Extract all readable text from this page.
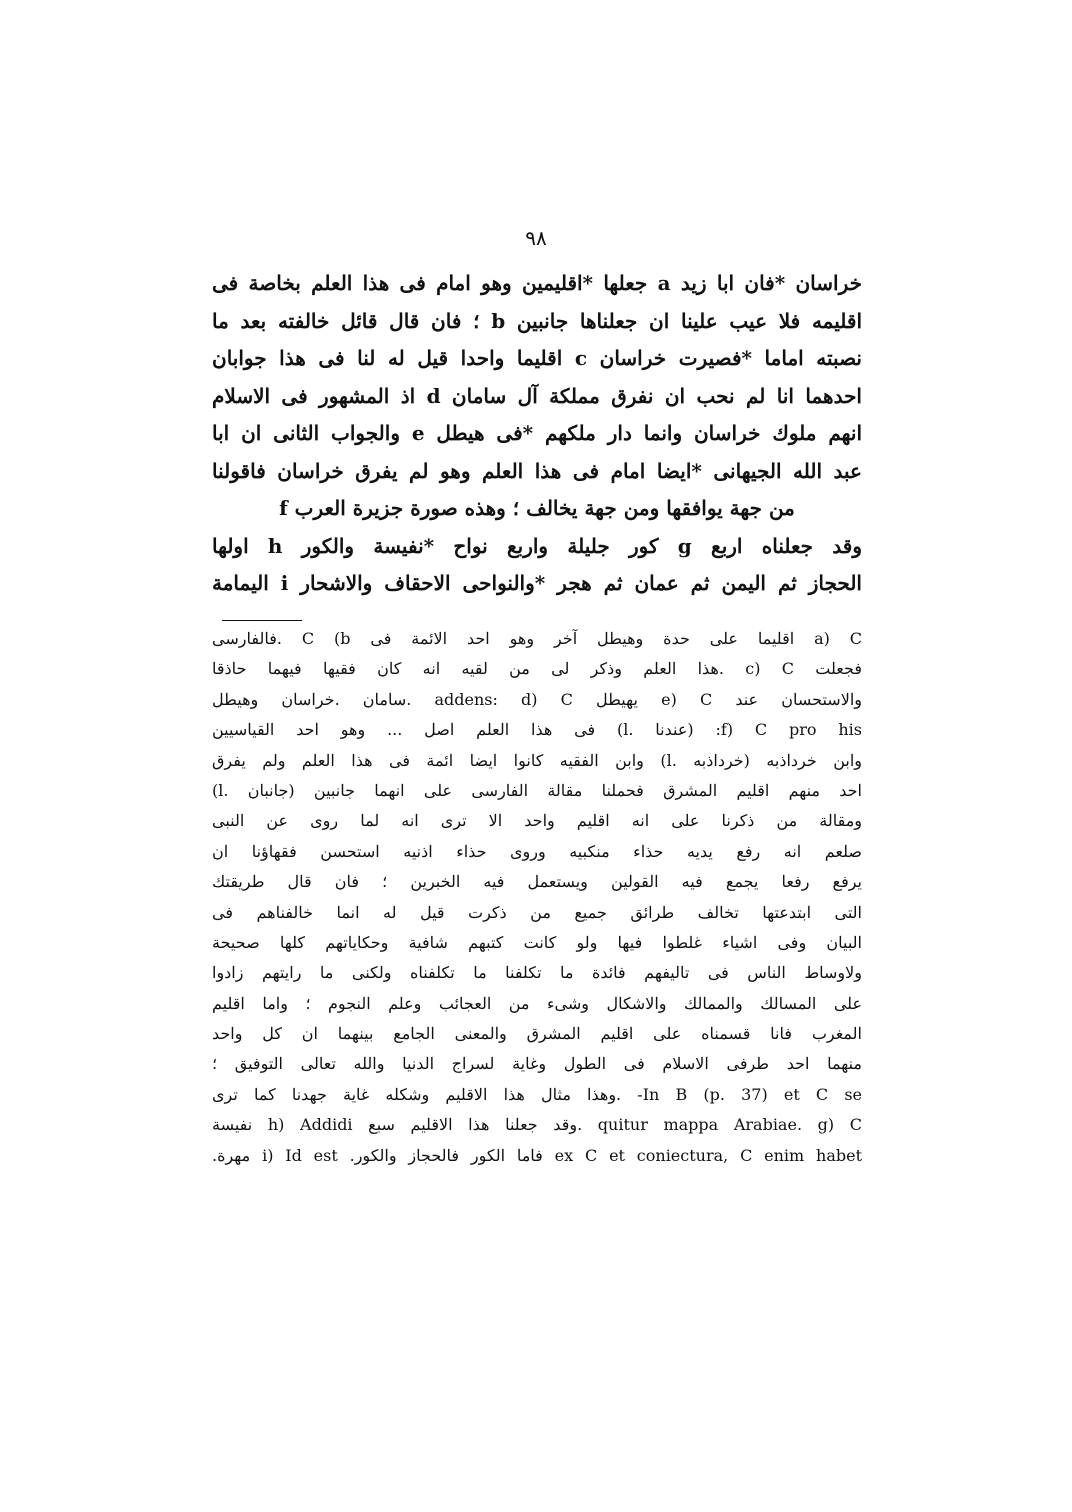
٩٨
خراسان *فان ابا زيد a جعلها *اقليمين وهو امام فى هذا العلم بخاصة فى
اقليمه فلا عيب علينا ان جعلناها جانبين b ؛ فان قال قائل خالفته بعد ما
نصبته اماما *فصيرت خراسان c اقليما واحدا قيل له لنا فى هذا جوابان
احدهما انا لم نحب ان نفرق مملكة آل سامان d اذ المشهور فى الاسلام
انهم ملوك خراسان وانما دار ملكهم *فى هيطل e والجواب الثانى ان ابا
عبد الله الجيهانى *ايضا امام فى هذا العلم وهو لم يفرق خراسان فاقولنا
من جهة يوافقها ومن جهة يخالف ؛ وهذه صورة جزيرة العرب f
وقد جعلناه اربع g كور جليلة واربع نواح *نفيسة والكور h اولها
الحجاز ثم اليمن ثم عمان ثم هجر *والنواحى الاحقاف والاشحار i اليمامة
a) C اقليما على حدة وهيطل آخر وهو احد الائمة فى C (b .فالفارسى
فجعلت c) C .هذا العلم وذكر لى من لقيه انه كان فقيها فيهما حاذقا
والاستحسان عند e) C يهيطل addens: d) C .سامان .خراسان وهيطل
f) C pro his: (عندنا .l) فى هذا العلم اصل ... وهو احد القياسيين
وابن خرداذبه (خرداذبه .l) وابن الفقيه كانوا ايضا ائمة فى هذا العلم ولم يفرق
احد منهم اقليم المشرق فحملنا مقالة الفارسى على انهما جانبين (جانبان .l)
ومقالة من ذكرنا على انه اقليم واحد الا ترى انه لما روى عن النبى
صلعم انه رفع يديه حذاء منكبيه وروى حذاء اذنيه استحسن فقهاؤنا ان
يرفع رفعا يجمع فيه القولين ويستعمل فيه الخبرين ؛ فان قال طريقتك
التى ابتدعتها تخالف طرائق جميع من ذكرت قيل له انما خالفناهم فى
البيان وفى اشياء غلطوا فيها ولو كانت كتبهم شافية وحكاياتهم كلها صحيحة
ولاوساط الناس فى تاليفهم فائدة ما تكلفنا ما تكلفناه ولكنى ما رايتهم زادوا
على المسالك والممالك والاشكال وشىء من العجائب وعلم النجوم ؛ واما اقليم
المغرب فانا قسمناه على اقليم المشرق والمعنى الجامع بينهما ان كل واحد
منهما احد طرفى الاسلام فى الطول وغاية لسراج الدنيا والله تعالى التوفيق ؛
In B (p. 37) et C se- .وهذا مثال هذا الاقليم وشكله غاية جهدنا كما ترى
quitur mappa Arabiae. g) C .وقد جعلنا هذا الاقليم سبع h) Addidi نفيسة
ex C et coniectura, C enim habet فاما الكور فالحجاز والكور. i) Id est مهرة.
